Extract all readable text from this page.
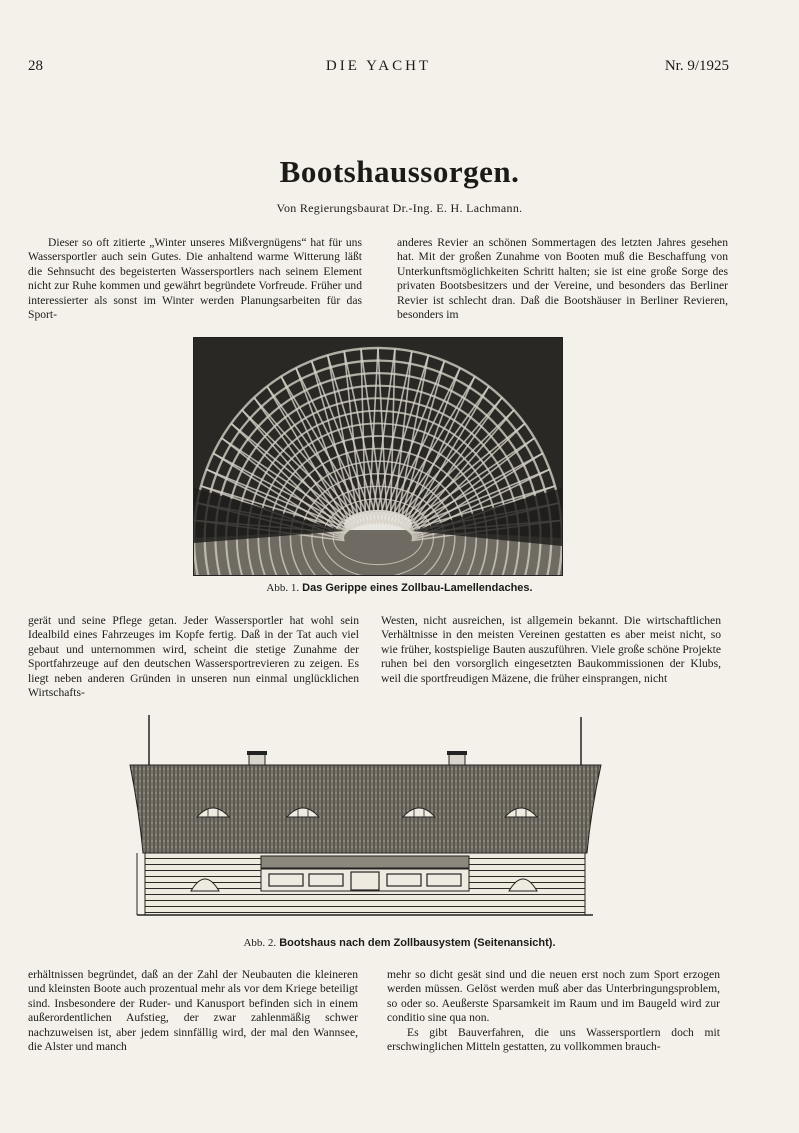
28	DIE YACHT	Nr. 9/1925
Bootshaussorgen.
Von Regierungsbaurat Dr.-Ing. E. H. Lachmann.

Dieser so oft zitierte „Winter unseres Mißvergnügens“ hat für uns Wassersportler auch sein Gutes. Die anhaltend warme Witterung läßt die Sehnsucht des begeisterten Wassersportlers nach seinem Element nicht zur Ruhe kommen und gewährt begründete Vorfreude. Früher und interessierter als sonst im Winter werden Planungsarbeiten für das Sport-

anderes Revier an schönen Sommertagen des letzten Jahres gesehen hat. Mit der großen Zunahme von Booten muß die Beschaffung von Unterkunftsmöglichkeiten Schritt halten; sie ist eine große Sorge des privaten Bootsbesitzers und der Vereine, und besonders das Berliner Revier ist schlecht dran. Daß die Bootshäuser in Berliner Revieren, besonders im

Abb. 1. Das Gerippe eines Zollbau-Lamellendaches.

gerät und seine Pflege getan. Jeder Wassersportler hat wohl sein Idealbild eines Fahrzeuges im Kopfe fertig. Daß in der Tat auch viel gebaut und unternommen wird, scheint die stetige Zunahme der Sportfahrzeuge auf den deutschen Wassersportrevieren zu zeigen. Es liegt neben anderen Gründen in unseren nun einmal unglücklichen Wirtschafts-

Westen, nicht ausreichen, ist allgemein bekannt. Die wirtschaftlichen Verhältnisse in den meisten Vereinen gestatten es aber meist nicht, so wie früher, kostspielige Bauten auszuführen. Viele große schöne Projekte ruhen bei den vorsorglich eingesetzten Baukommissionen der Klubs, weil die sportfreudigen Mäzene, die früher einsprangen, nicht

Abb. 2. Bootshaus nach dem Zollbausystem (Seitenansicht).

erhältnissen begründet, daß an der Zahl der Neubauten die kleineren und kleinsten Boote auch prozentual mehr als vor dem Kriege beteiligt sind. Insbesondere der Ruder- und Kanusport befinden sich in einem außerordentlichen Aufstieg, der zwar zahlenmäßig schwer nachzuweisen ist, aber jedem sinnfällig wird, der mal den Wannsee, die Alster und manch

mehr so dicht gesät sind und die neuen erst noch zum Sport erzogen werden müssen. Gelöst werden muß aber das Unterbringungsproblem, so oder so. Aeußerste Sparsamkeit im Raum und im Baugeld wird zur conditio sine qua non.

Es gibt Bauverfahren, die uns Wassersportlern doch mit erschwinglichen Mitteln gestatten, zu vollkommen brauch-
